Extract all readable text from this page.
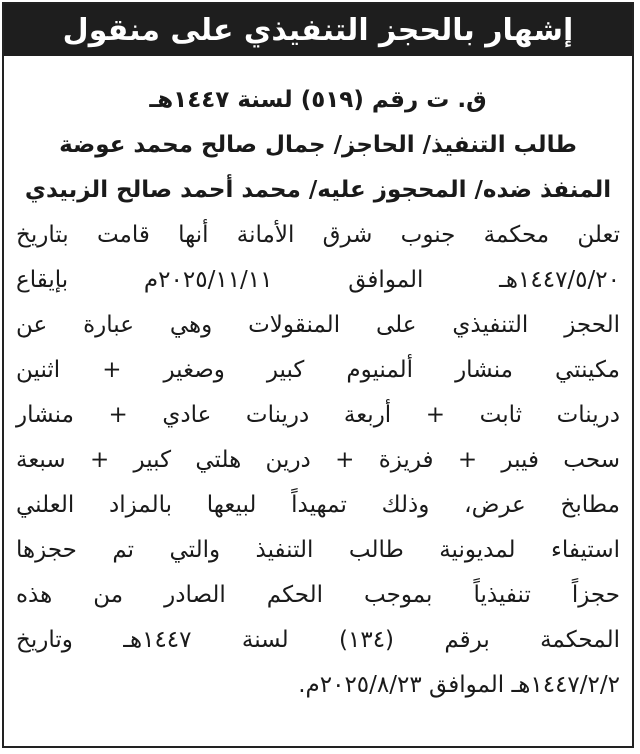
إشهار بالحجز التنفيذي على منقول
ق. ت رقم (٥١٩) لسنة ١٤٤٧هـ
طالب التنفيذ/ الحاجز/ جمال صالح محمد عوضة
المنفذ ضده/ المحجوز عليه/ محمد أحمد صالح الزبيدي
تعلن محكمة جنوب شرق الأمانة أنها قامت بتاريخ
١٤٤٧/٥/٢٠هـ الموافق ٢٠٢٥/١١/١١م بإيقاع
الحجز التنفيذي على المنقولات وهي عبارة عن
مكينتي منشار ألمنيوم كبير وصغير + اثنين
درينات ثابت + أربعة درينات عادي + منشار
سحب فيبر + فريزة + درين هلتي كبير + سبعة
مطابخ عرض، وذلك تمهيداً لبيعها بالمزاد العلني
استيفاء لمديونية طالب التنفيذ والتي تم حجزها
حجزاً تنفيذياً بموجب الحكم الصادر من هذه
المحكمة برقم (١٣٤) لسنة ١٤٤٧هـ وتاريخ
١٤٤٧/٢/٢هـ الموافق ٢٠٢٥/٨/٢٣م.
